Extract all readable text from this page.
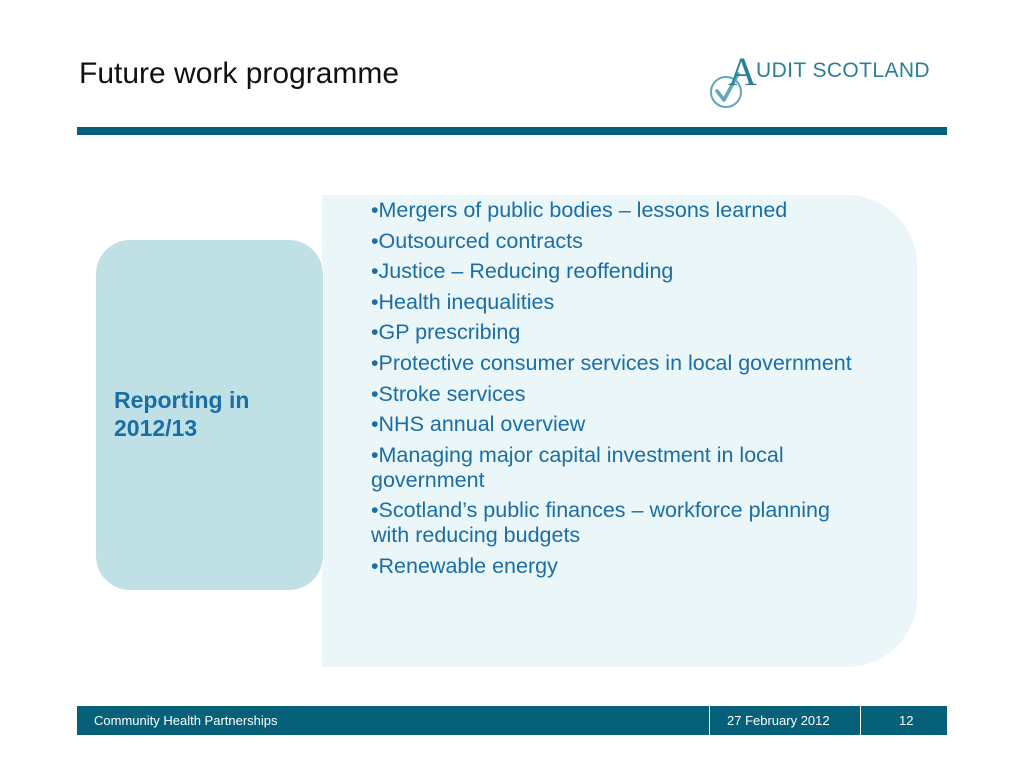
Future work programme	A UDIT SCOTLAND
Reporting in 2012/13
•Mergers of public bodies – lessons learned
•Outsourced contracts
•Justice – Reducing reoffending
•Health inequalities
•GP prescribing
•Protective consumer services in local government
•Stroke services
•NHS annual overview
•Managing major capital investment in local government
•Scotland’s public finances – workforce planning with reducing budgets
•Renewable energy
Community Health Partnerships	27 February 2012	12
